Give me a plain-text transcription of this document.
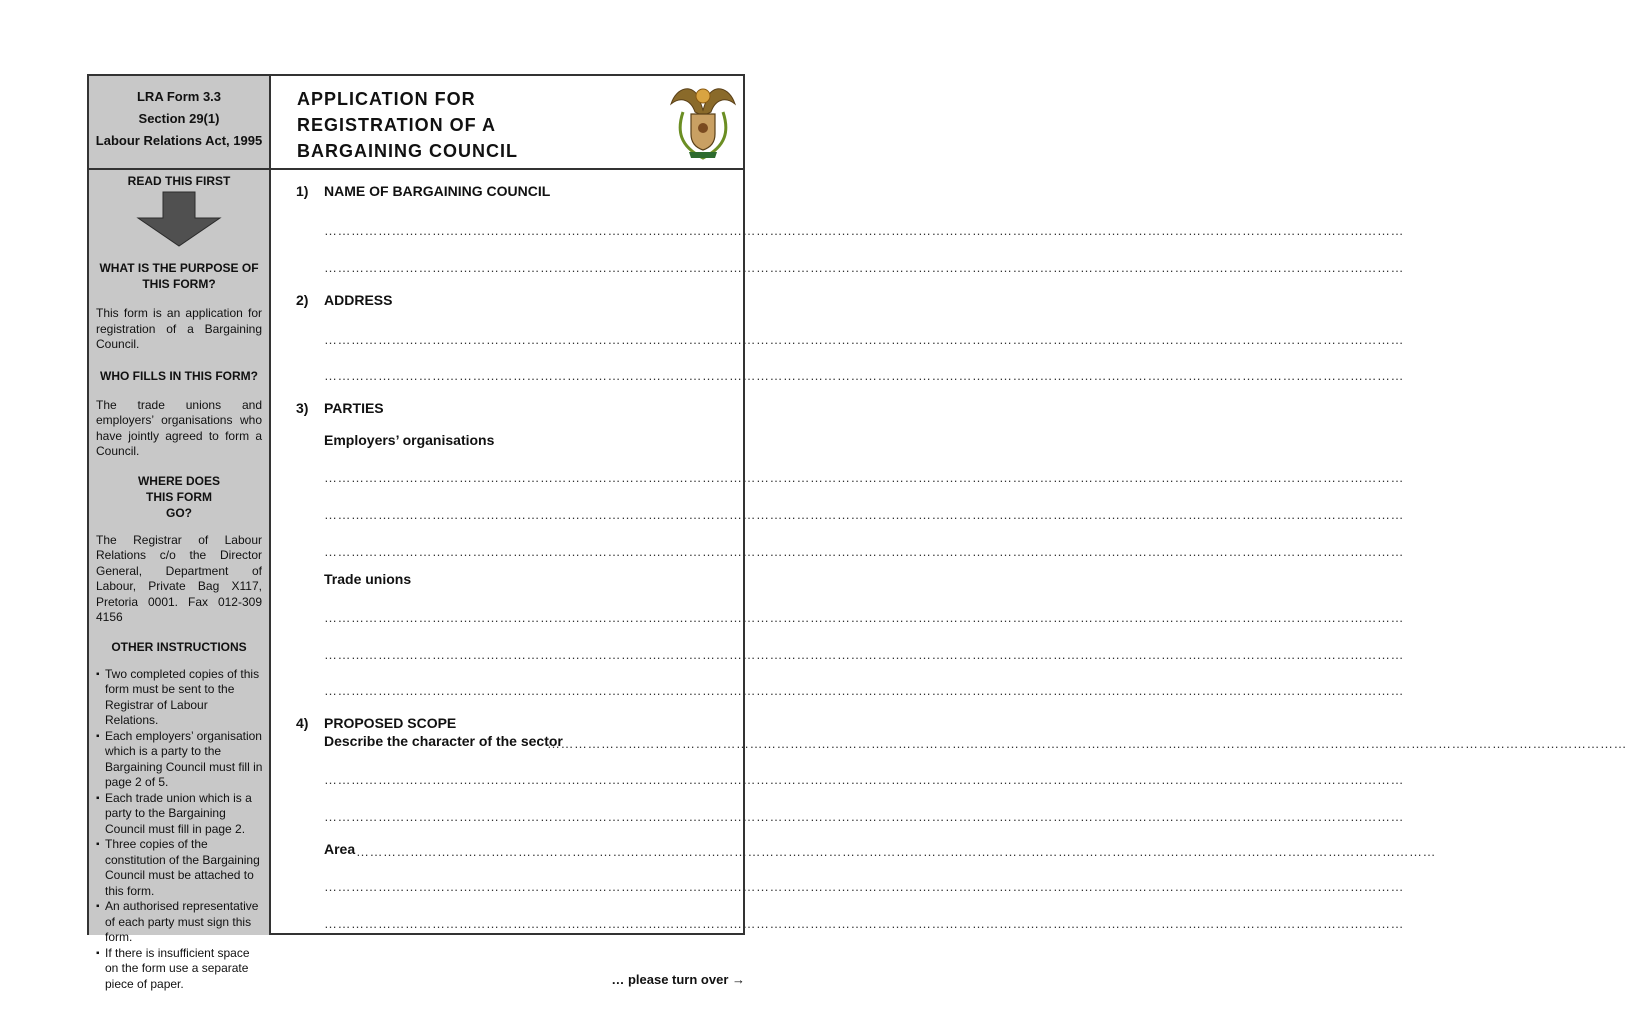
READ THIS FIRST
WHAT IS THE PURPOSE OF THIS FORM?
This form is an application for registration of a Bargaining Council.
WHO FILLS IN THIS FORM?
The trade unions and employers’ organisations who have jointly agreed to form a Council.
WHERE DOES THIS FORM GO?
The Registrar of Labour Relations c/o the Director General, Department of Labour, Private Bag X117, Pretoria 0001. Fax 012-309 4156
OTHER INSTRUCTIONS
▪ Two completed copies of this form must be sent to the Registrar of Labour Relations.
▪ Each employers’ organisation which is a party to the Bargaining Council must fill in page 2 of 5.
▪ Each trade union which is a party to the Bargaining Council must fill in page 2.
▪ Three copies of the constitution of the Bargaining Council must be attached to this form.
▪ An authorised representative of each party must sign this form.
▪ If there is insufficient space on the form use a separate piece of paper.
LRA Form 3.3
Section 29(1)
Labour Relations Act, 1995
APPLICATION FOR
REGISTRATION OF A
BARGAINING COUNCIL
1) NAME OF BARGAINING COUNCIL
……………………………………………………………………………………………………………………………………………………………………………………………………………………
……………………………………………………………………………………………………………………………………………………………………………………………………………………
2) ADDRESS
……………………………………………………………………………………………………………………………………………………………………………………………………………………
……………………………………………………………………………………………………………………………………………………………………………………………………………………
3) PARTIES
Employers’ organisations
……………………………………………………………………………………………………………………………………………………………………………………………………………………
……………………………………………………………………………………………………………………………………………………………………………………………………………………
……………………………………………………………………………………………………………………………………………………………………………………………………………………
Trade unions
……………………………………………………………………………………………………………………………………………………………………………………………………………………
……………………………………………………………………………………………………………………………………………………………………………………………………………………
……………………………………………………………………………………………………………………………………………………………………………………………………………………
4) PROPOSED SCOPE
Describe the character of the sector
……………………………………………………………………………………………………………………………………………………………………………………………………………………
……………………………………………………………………………………………………………………………………………………………………………………………………………………
……………………………………………………………………………………………………………………………………………………………………………………………………………………
Area ……………………………………………………………………………………………………………………………………………………………………………………………………………………
……………………………………………………………………………………………………………………………………………………………………………………………………………………
……………………………………………………………………………………………………………………………………………………………………………………………………………………
… please turn over →
